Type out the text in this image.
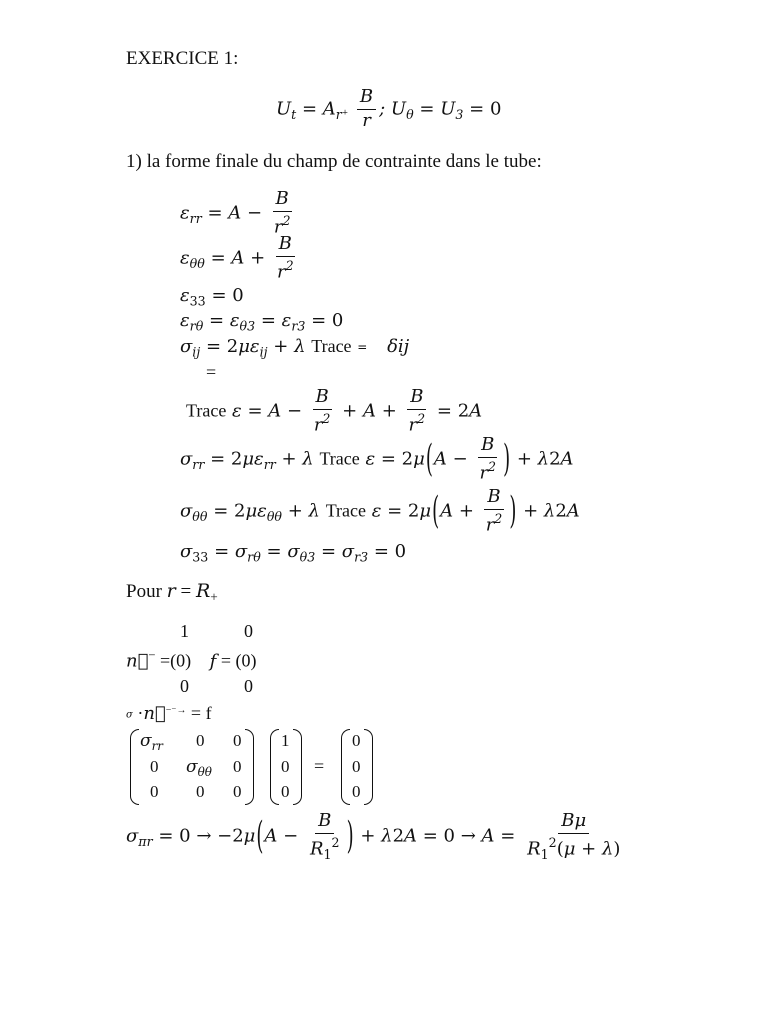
EXERCICE 1:
$U_t = A_{r^+} \frac{B}{r}$ ; $U_\theta = U_3 = 0$
1) la forme finale du champ de contrainte dans le tube:
$\varepsilon_{rr} = A - \frac{B}{r^2}$
$\varepsilon_{\theta\theta} = A + \frac{B}{r^2}$
$\varepsilon_{33} = 0$
$\varepsilon_{r\theta} = \varepsilon_{\theta 3} = \varepsilon_{r3} = 0$
$\sigma_{ij} = 2\mu\varepsilon_{ij} + \lambda$ Trace = δij
=
Trace $\varepsilon = A - \frac{B}{r^2} + A + \frac{B}{r^2} = 2A$
$\sigma_{rr} = 2\mu\varepsilon_{rr} + \lambda$ Trace $\varepsilon = 2\mu(A - \frac{B}{r^2}$ ) + λ2A
$\sigma_{\theta\theta} = 2\mu\varepsilon_{\theta\theta} + \lambda$ Trace $\varepsilon = 2\mu(A + \frac{B}{r^2}$ ) + λ2A
$\sigma_{33} = \sigma_{r\theta} = \sigma_{\theta 3} = \sigma_{r3} = 0$
Pour $r = R_+$
1	0
n⃗− =(0) f = (0)
0	0
σ ·n⃗−⁻→ = f
$\sigma_{rr}$ 0 0
0 $\sigma_{\theta\theta}$ 0
0 0 0
1
0
0
=
0
0
0
$\sigma_{\pi r} = 0 \to -2\mu(A - \frac{B}{R_1^2}$ ) + $\lambda 2A = 0 \to A = \frac{B\mu}{R_1^2(\mu + \lambda)}$
